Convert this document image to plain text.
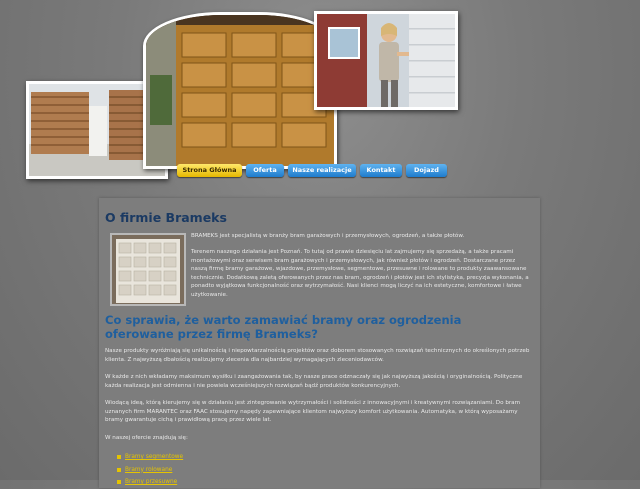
Strona Główna	Oferta	Nasze realizacje	Kontakt	Dojazd
O firmie Brameks
BRAMEKS jest specjalistą w branży bram garażowych i przemysłowych, ogrodzeń, a także płotów.
Terenem naszego działania jest Poznań. To tutaj od prawie dziesięciu lat zajmujemy się sprzedażą, a także pracami montażowymi oraz serwisem bram garażowych i przemysłowych, jak również płotów i ogrodzeń. Dostarczane przez naszą firmę bramy garażowe, wjazdowe, przemysłowe, segmentowe, przesuwne i rolowane to produkty zaawansowane technicznie. Dodatkową zaletą oferowanych przez nas bram, ogrodzeń i płotów jest ich stylistyka, precyzja wykonania, a ponadto wyjątkowa funkcjonalność oraz wytrzymałość. Nasi klienci mogą liczyć na ich estetyczne, komfortowe i łatwe użytkowanie.
Co sprawia, że warto zamawiać bramy oraz ogrodzenia oferowane przez firmę Brameks?
Nasze produkty wyróżniają się unikalnością i niepowtarzalnością projektów oraz doborem stosowanych rozwiązań technicznych do określonych potrzeb klienta. Z najwyższą dbałością realizujemy zlecenia dla najbardziej wymagających zleceniodawców.
W każde z nich wkładamy maksimum wysiłku i zaangażowania tak, by nasze prace odznaczały się jak najwyższą jakością i oryginalnością. Polityczne każda realizacja jest odmienna i nie powiela wcześniejszych rozwiązań bądź produktów konkurencyjnych.
Wiodącą ideą, którą kierujemy się w działaniu jest zintegrowanie wytrzymałości i solidności z innowacyjnymi i kreatywnymi rozwiązaniami. Do bram uznanych firm MARANTEC oraz FAAC stosujemy napędy zapewniające klientom najwyższy komfort użytkowania. Automatyka, w którą wyposażamy bramy gwarantuje cichą i prawidłową pracę przez wiele lat.
W naszej ofercie znajdują się:
Bramy segmentowe
Bramy rolowane
Bramy przesuwne
